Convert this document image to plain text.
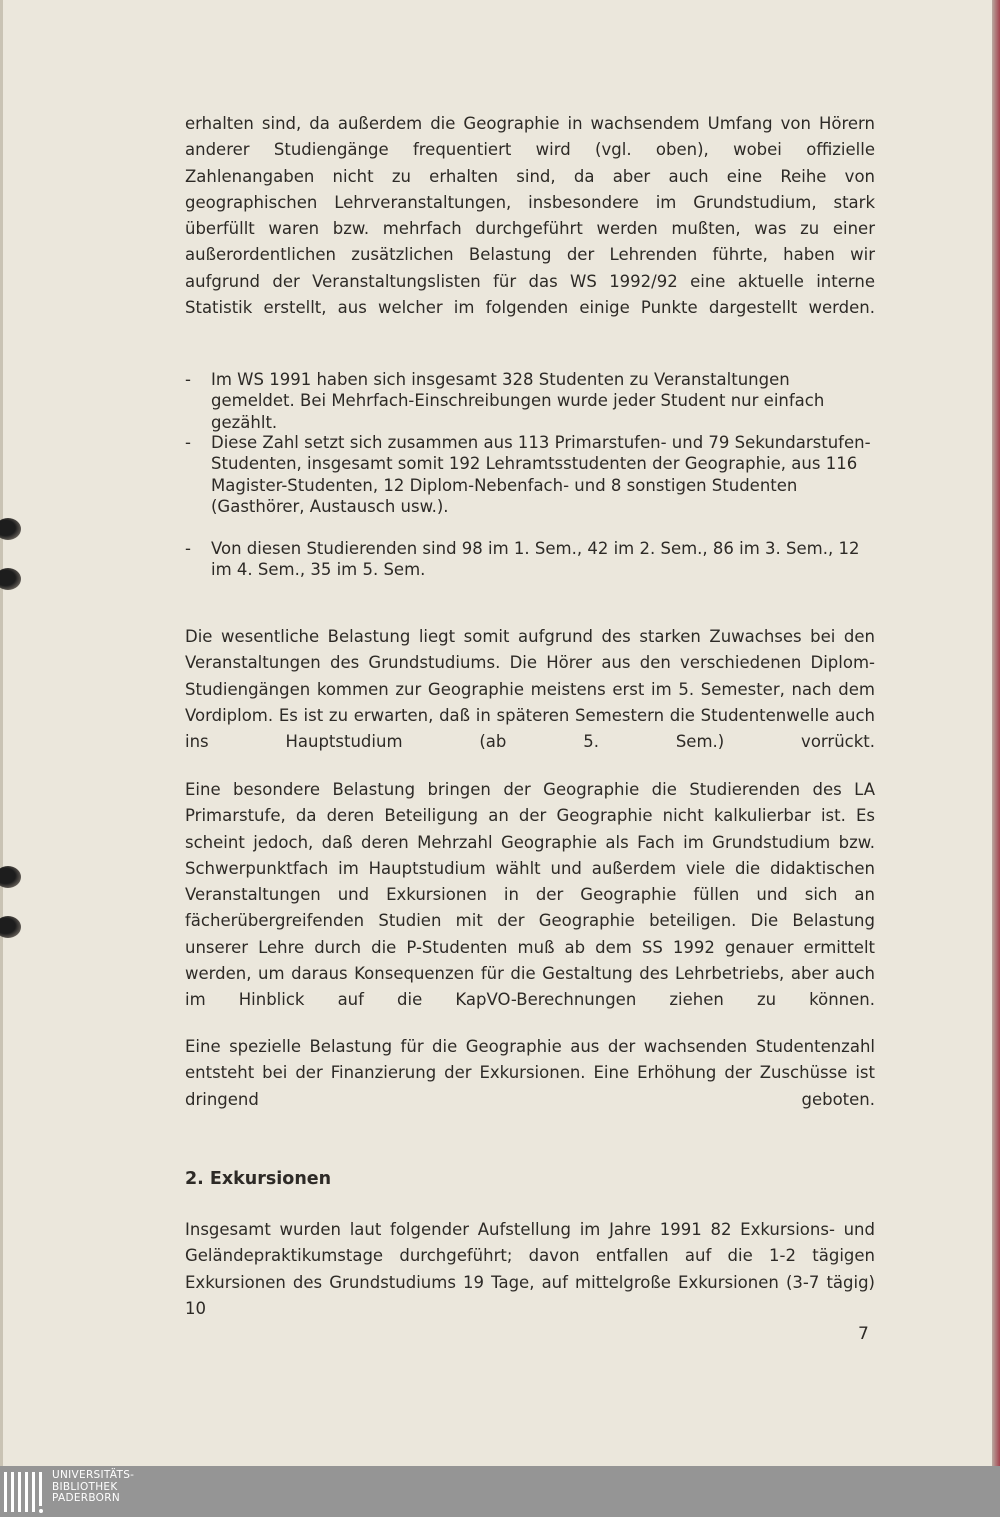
erhalten sind, da außerdem die Geographie in wachsendem Umfang von Hörern anderer Studiengänge frequentiert wird (vgl. oben), wobei offizielle Zahlenangaben nicht zu erhalten sind, da aber auch eine Reihe von geographischen Lehrveranstaltungen, insbesondere im Grundstudium, stark überfüllt waren bzw. mehrfach durchgeführt werden mußten, was zu einer außerordentlichen zusätzlichen Belastung der Lehrenden führte, haben wir aufgrund der Veranstaltungslisten für das WS 1992/92 eine aktuelle interne Statistik erstellt, aus welcher im folgenden einige Punkte dargestellt werden.

- Im WS 1991 haben sich insgesamt 328 Studenten zu Veranstaltungen gemeldet. Bei Mehrfach-Einschreibungen wurde jeder Student nur einfach gezählt.
- Diese Zahl setzt sich zusammen aus 113 Primarstufen- und 79 Sekundarstufen-Studenten, insgesamt somit 192 Lehramtsstudenten der Geographie, aus 116 Magister-Studenten, 12 Diplom-Nebenfach- und 8 sonstigen Studenten (Gasthörer, Austausch usw.).
- Von diesen Studierenden sind 98 im 1. Sem., 42 im 2. Sem., 86 im 3. Sem., 12 im 4. Sem., 35 im 5. Sem.

Die wesentliche Belastung liegt somit aufgrund des starken Zuwachses bei den Veranstaltungen des Grundstudiums. Die Hörer aus den verschiedenen Diplom-Studiengängen kommen zur Geographie meistens erst im 5. Semester, nach dem Vordiplom. Es ist zu erwarten, daß in späteren Semestern die Studentenwelle auch ins Hauptstudium (ab 5. Sem.) vorrückt.

Eine besondere Belastung bringen der Geographie die Studierenden des LA Primarstufe, da deren Beteiligung an der Geographie nicht kalkulierbar ist. Es scheint jedoch, daß deren Mehrzahl Geographie als Fach im Grundstudium bzw. Schwerpunktfach im Hauptstudium wählt und außerdem viele die didaktischen Veranstaltungen und Exkursionen in der Geographie füllen und sich an fächerübergreifenden Studien mit der Geographie beteiligen. Die Belastung unserer Lehre durch die P-Studenten muß ab dem SS 1992 genauer ermittelt werden, um daraus Konsequenzen für die Gestaltung des Lehrbetriebs, aber auch im Hinblick auf die KapVO-Berechnungen ziehen zu können.

Eine spezielle Belastung für die Geographie aus der wachsenden Studentenzahl entsteht bei der Finanzierung der Exkursionen. Eine Erhöhung der Zuschüsse ist dringend geboten.

2. Exkursionen

Insgesamt wurden laut folgender Aufstellung im Jahre 1991 82 Exkursions- und Geländepraktikumstage durchgeführt; davon entfallen auf die 1-2 tägigen Exkursionen des Grundstudiums 19 Tage, auf mittelgroße Exkursionen (3-7 tägig) 10

7
UNIVERSITÄTS-
BIBLIOTHEK
PADERBORN
